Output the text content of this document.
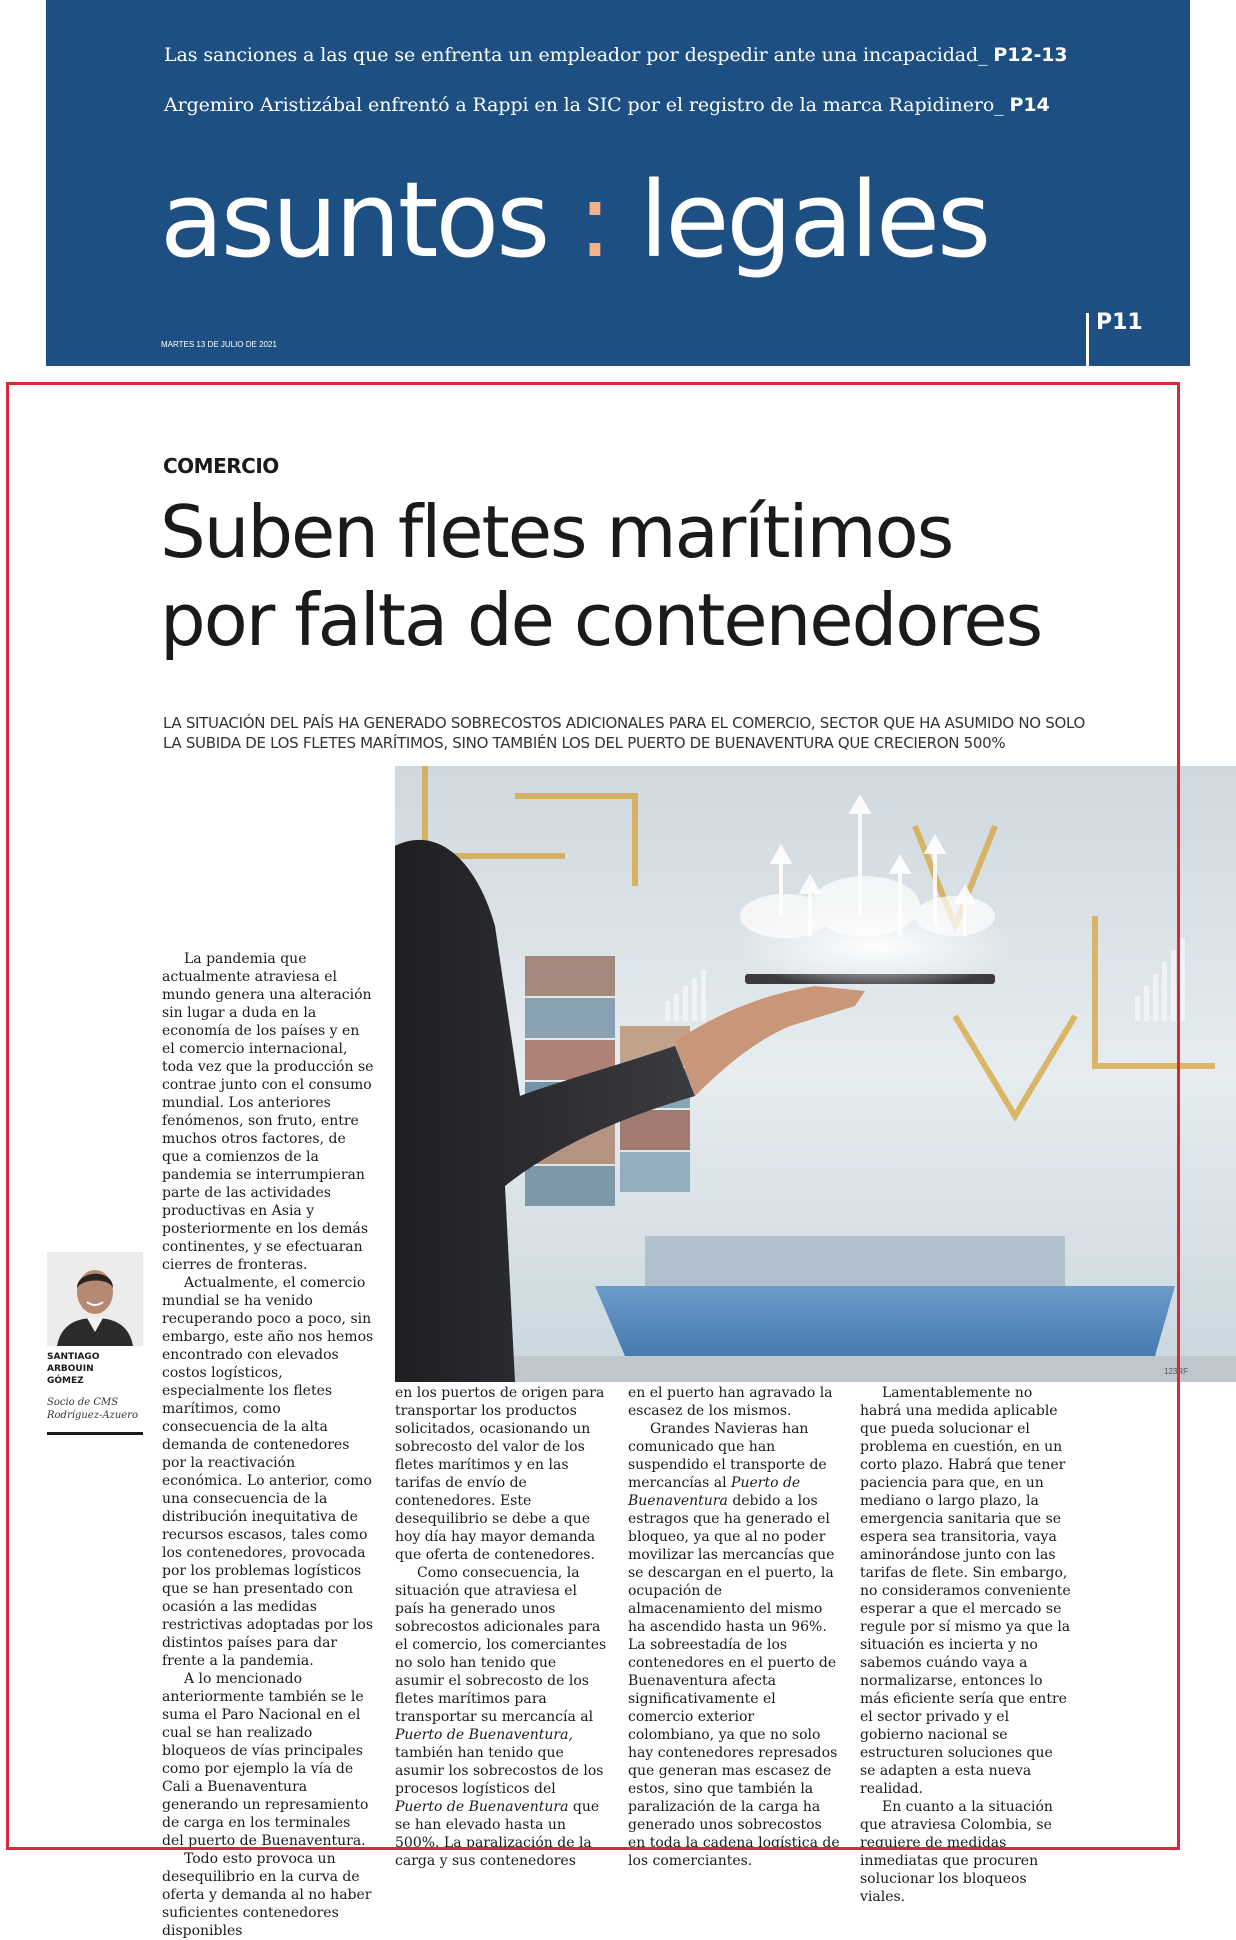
Las sanciones a las que se enfrenta un empleador por despedir ante una incapacidad_ P12-13
Argemiro Aristizábal enfrentó a Rappi en la SIC por el registro de la marca Rapidinero_ P14
asuntos : legales
MARTES 13 DE JULIO DE 2021
P11
COMERCIO
Suben fletes marítimos
por falta de contenedores
LA SITUACIÓN DEL PAÍS HA GENERADO SOBRECOSTOS ADICIONALES PARA EL COMERCIO, SECTOR QUE HA ASUMIDO NO SOLO LA SUBIDA DE LOS FLETES MARÍTIMOS, SINO TAMBIÉN LOS DEL PUERTO DE BUENAVENTURA QUE CRECIERON 500%
123RF
SANTIAGO
ARBOUIN
GÓMEZ
Socio de CMS
Rodríguez-Azuero

La pandemia que actualmente atraviesa el mundo genera una alteración sin lugar a duda en la economía de los países y en el comercio internacional, toda vez que la producción se contrae junto con el consumo mundial. Los anteriores fenómenos, son fruto, entre muchos otros factores, de que a comienzos de la pandemia se interrumpieran parte de las actividades productivas en Asia y posteriormente en los demás continentes, y se efectuaran cierres de fronteras.

Actualmente, el comercio mundial se ha venido recuperando poco a poco, sin embargo, este año nos hemos encontrado con elevados costos logísticos, especialmente los fletes marítimos, como consecuencia de la alta demanda de contenedores por la reactivación económica. Lo anterior, como una consecuencia de la distribución inequitativa de recursos escasos, tales como los contenedores, provocada por los problemas logísticos que se han presentado con ocasión a las medidas restrictivas adoptadas por los distintos países para dar frente a la pandemia.

A lo mencionado anteriormente también se le suma el Paro Nacional en el cual se han realizado bloqueos de vías principales como por ejemplo la vía de Cali a Buenaventura generando un represamiento de carga en los terminales del puerto de Buenaventura.

Todo esto provoca un desequilibrio en la curva de oferta y demanda al no haber suficientes contenedores disponibles

en los puertos de origen para transportar los productos solicitados, ocasionando un sobrecosto del valor de los fletes marítimos y en las tarifas de envío de contenedores. Este desequilibrio se debe a que hoy día hay mayor demanda que oferta de contenedores.

Como consecuencia, la situación que atraviesa el país ha generado unos sobrecostos adicionales para el comercio, los comerciantes no solo han tenido que asumir el sobrecosto de los fletes marítimos para transportar su mercancía al Puerto de Buenaventura, también han tenido que asumir los sobrecostos de los procesos logísticos del Puerto de Buenaventura que se han elevado hasta un 500%. La paralización de la carga y sus contenedores

en el puerto han agravado la escasez de los mismos.

Grandes Navieras han comunicado que han suspendido el transporte de mercancías al Puerto de Buenaventura debido a los estragos que ha generado el bloqueo, ya que al no poder movilizar las mercancías que se descargan en el puerto, la ocupación de almacenamiento del mismo ha ascendido hasta un 96%. La sobreestadía de los contenedores en el puerto de Buenaventura afecta significativamente el comercio exterior colombiano, ya que no solo hay contenedores represados que generan mas escasez de estos, sino que también la paralización de la carga ha generado unos sobrecostos en toda la cadena logística de los comerciantes.

Lamentablemente no habrá una medida aplicable que pueda solucionar el problema en cuestión, en un corto plazo. Habrá que tener paciencia para que, en un mediano o largo plazo, la emergencia sanitaria que se espera sea transitoria, vaya aminorándose junto con las tarifas de flete. Sin embargo, no consideramos conveniente esperar a que el mercado se regule por sí mismo ya que la situación es incierta y no sabemos cuándo vaya a normalizarse, entonces lo más eficiente sería que entre el sector privado y el gobierno nacional se estructuren soluciones que se adapten a esta nueva realidad.

En cuanto a la situación que atraviesa Colombia, se requiere de medidas inmediatas que procuren solucionar los bloqueos viales.
